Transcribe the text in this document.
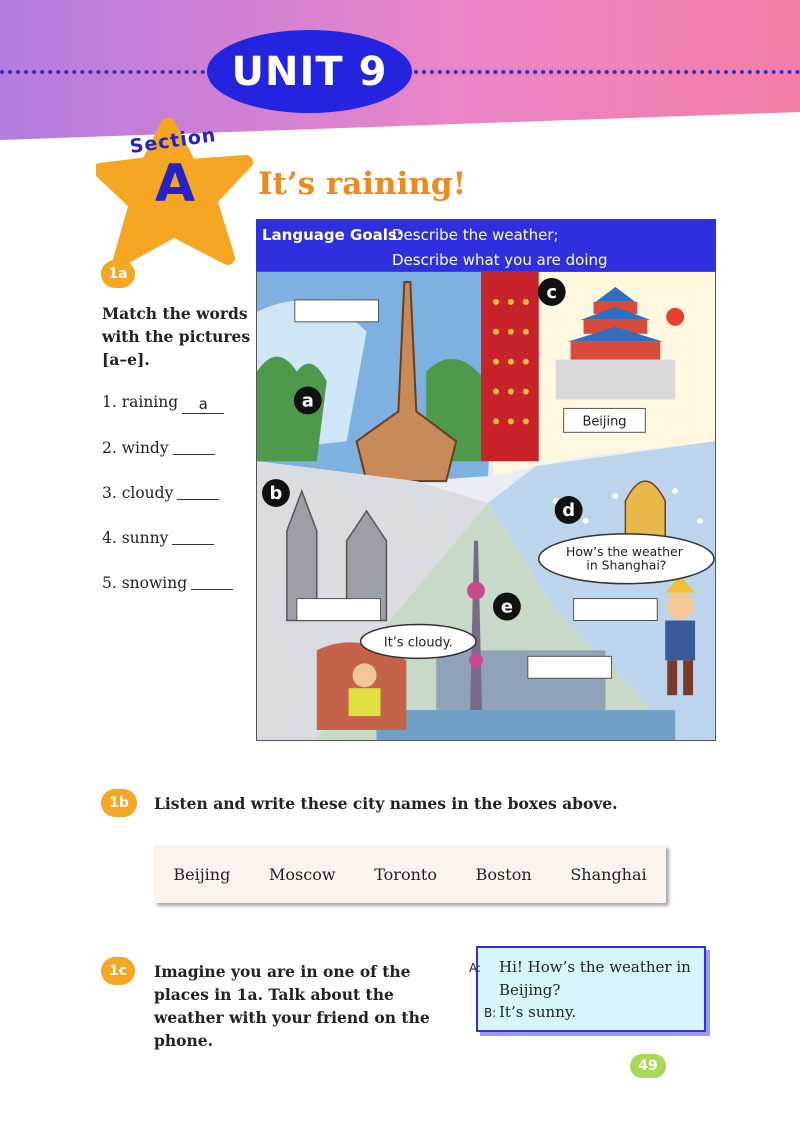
UNIT 9
Section
A	It’s raining!
Language Goals:
Describe the weather;
Describe what you are doing
1a
Match the words with the pictures [a–e].
1. raining a
2. windy
3. cloudy
4. sunny
5. snowing
Beijing
How’s the weather in Shanghai?
It’s cloudy.
a
b
c
d
e
1b	Listen and write these city names in the boxes above.
Beijing Moscow Toronto Boston Shanghai
1c	Imagine you are in one of the places in 1a. Talk about the weather with your friend on the phone.
A: Hi! How’s the weather in Beijing?
B: It’s sunny.
49
